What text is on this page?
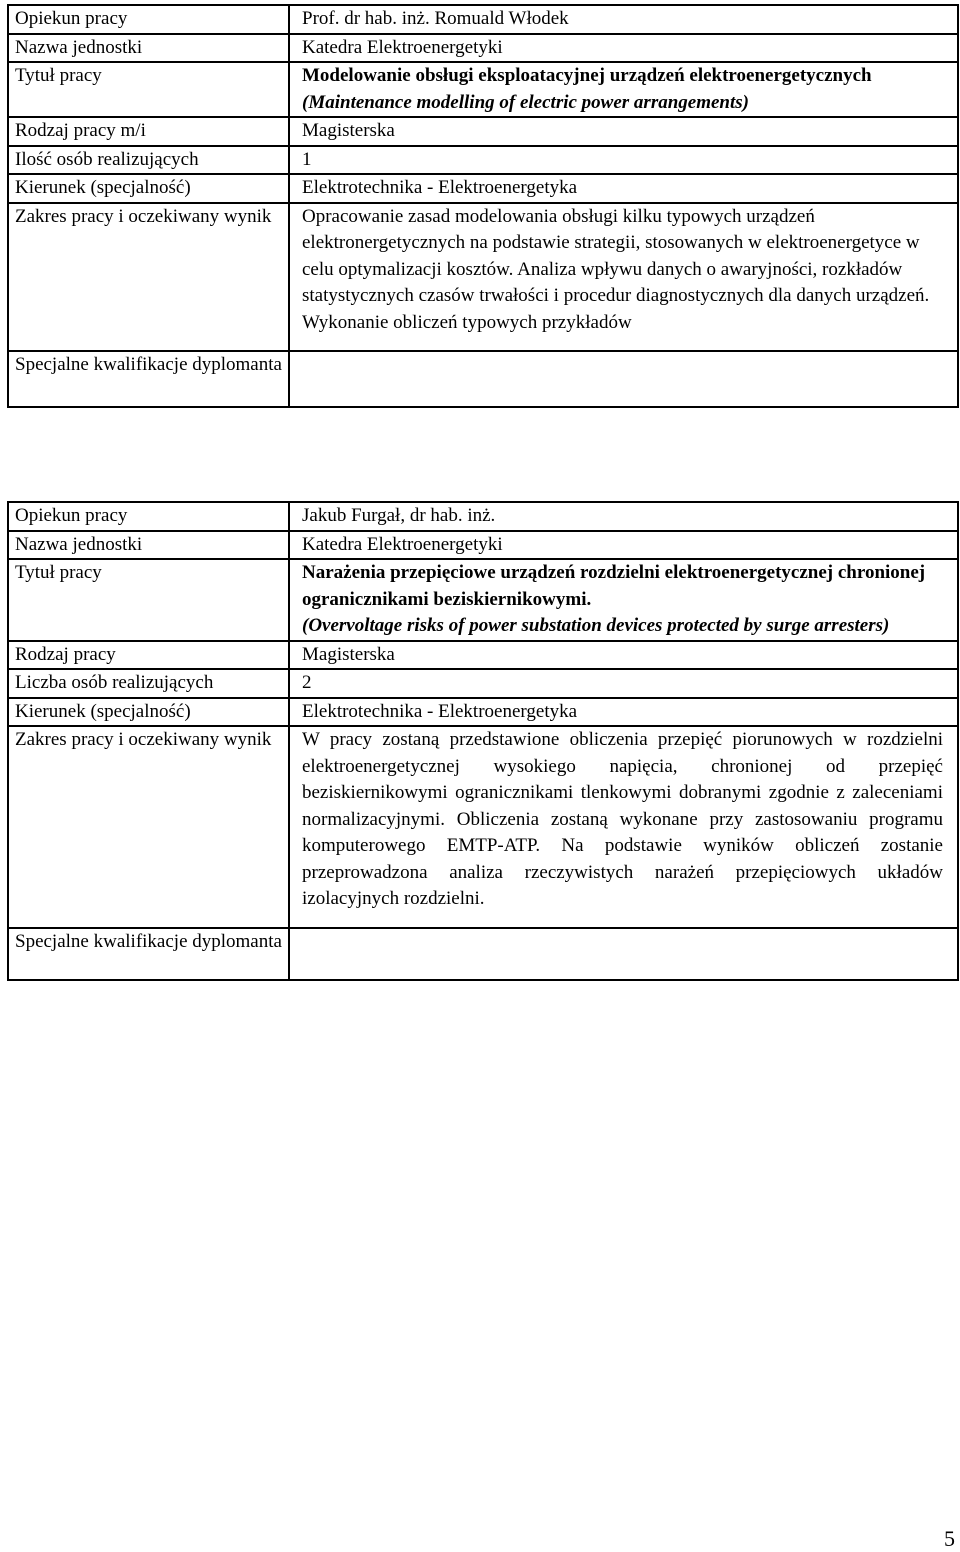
Opiekun pracy	Prof. dr hab. inż. Romuald Włodek
Nazwa jednostki	Katedra Elektroenergetyki
Tytuł pracy	Modelowanie obsługi eksploatacyjnej urządzeń elektroenergetycznych
(Maintenance modelling of electric power arrangements)

Rodzaj pracy m/i	Magisterska
Ilość osób realizujących	1
Kierunek (specjalność)	Elektrotechnika - Elektroenergetyka
Zakres pracy i oczekiwany wynik	Opracowanie zasad modelowania obsługi kilku typowych urządzeń elektronergetycznych na podstawie strategii, stosowanych w elektroenergetyce w celu optymalizacji kosztów. Analiza wpływu danych o awaryjności, rozkładów statystycznych czasów trwałości i procedur diagnostycznych dla danych urządzeń. Wykonanie obliczeń typowych przykładów
Specjalne kwalifikacje dyplomanta	
Opiekun pracy	Jakub Furgał, dr hab. inż.
Nazwa jednostki	Katedra Elektroenergetyki
Tytuł pracy	Narażenia przepięciowe urządzeń rozdzielni elektroenergetycznej chronionej ogranicznikami beziskiernikowymi.
(Overvoltage risks of power substation devices protected by surge arresters)

Rodzaj pracy	Magisterska
Liczba osób realizujących	2
Kierunek (specjalność)	Elektrotechnika - Elektroenergetyka
Zakres pracy i oczekiwany wynik	W pracy zostaną przedstawione obliczenia przepięć piorunowych w rozdzielni elektroenergetycznej wysokiego napięcia, chronionej od przepięć beziskiernikowymi ogranicznikami tlenkowymi dobranymi zgodnie z zaleceniami normalizacyjnymi. Obliczenia zostaną wykonane przy zastosowaniu programu komputerowego EMTP-ATP. Na podstawie wyników obliczeń zostanie przeprowadzona analiza rzeczywistych narażeń przepięciowych układów izolacyjnych rozdzielni.
Specjalne kwalifikacje dyplomanta	
5
